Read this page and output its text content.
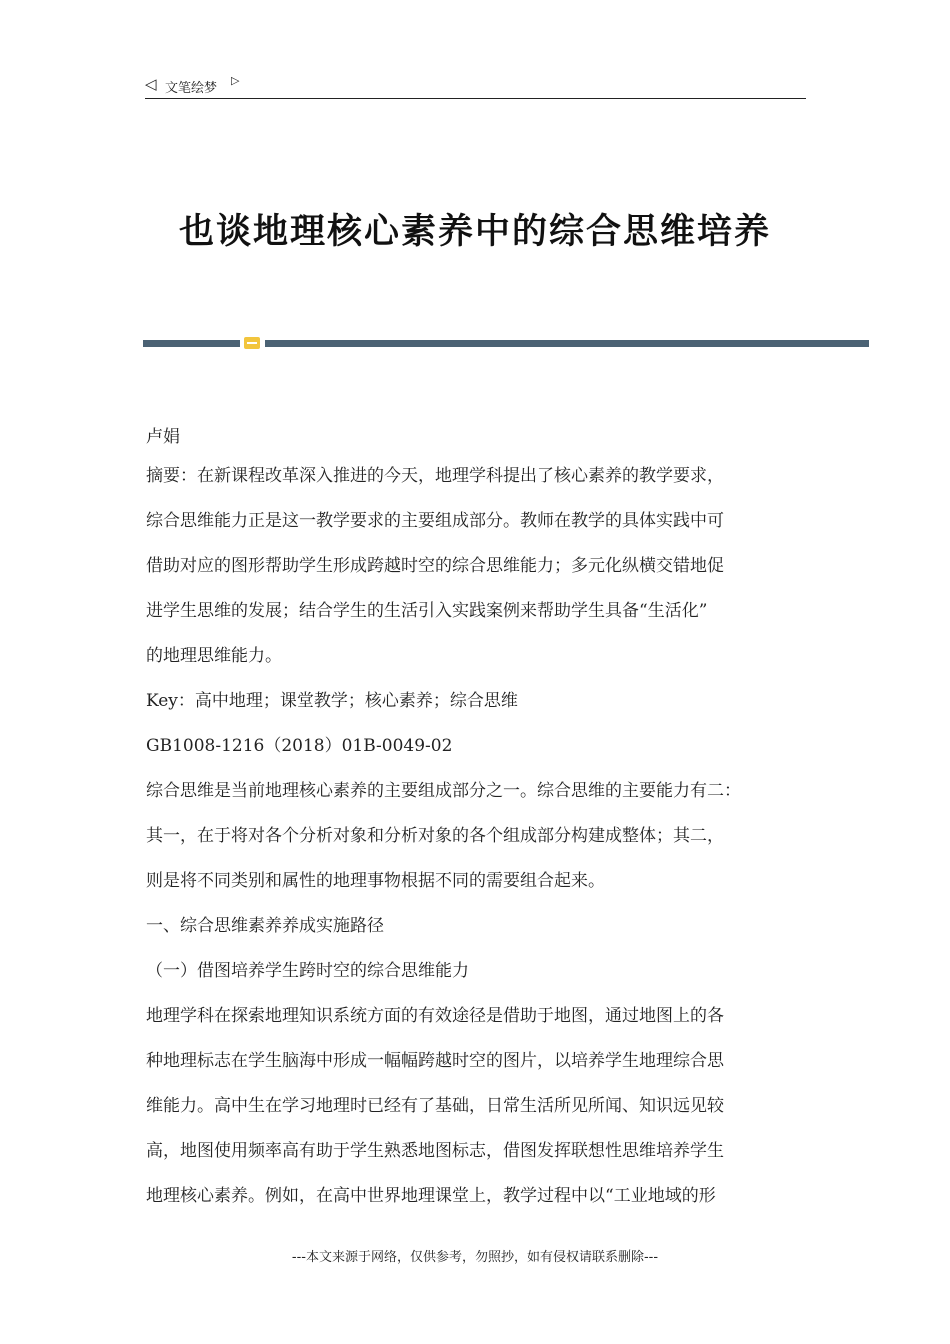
◁ 文笔绘梦
▷
也谈地理核心素养中的综合思维培养
卢娟
摘要：在新课程改革深入推进的今天，地理学科提出了核心素养的教学要求，
综合思维能力正是这一教学要求的主要组成部分。教师在教学的具体实践中可
借助对应的图形帮助学生形成跨越时空的综合思维能力；多元化纵横交错地促
进学生思维的发展；结合学生的生活引入实践案例来帮助学生具备“生活化”
的地理思维能力。
Key：高中地理；课堂教学；核心素养；综合思维
GB1008-1216（2018）01B-0049-02
综合思维是当前地理核心素养的主要组成部分之一。综合思维的主要能力有二：
其一，在于将对各个分析对象和分析对象的各个组成部分构建成整体；其二，
则是将不同类别和属性的地理事物根据不同的需要组合起来。
一、综合思维素养养成实施路径
（一）借图培养学生跨时空的综合思维能力
地理学科在探索地理知识系统方面的有效途径是借助于地图，通过地图上的各
种地理标志在学生脑海中形成一幅幅跨越时空的图片，以培养学生地理综合思
维能力。高中生在学习地理时已经有了基础，日常生活所见所闻、知识远见较
高，地图使用频率高有助于学生熟悉地图标志，借图发挥联想性思维培养学生
地理核心素养。例如，在高中世界地理课堂上，教学过程中以“工业地域的形
---本文来源于网络，仅供参考，勿照抄，如有侵权请联系删除---
